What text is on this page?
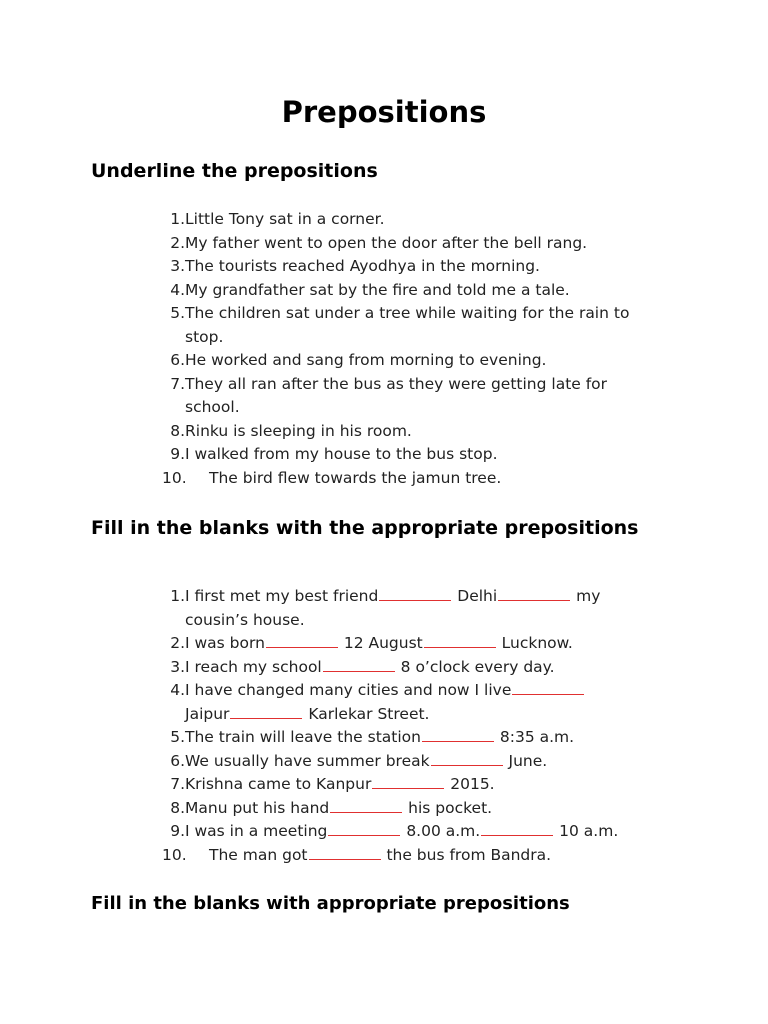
Prepositions
Underline the prepositions
1. Little Tony sat in a corner.
2. My father went to open the door after the bell rang.
3. The tourists reached Ayodhya in the morning.
4. My grandfather sat by the fire and told me a tale.
5. The children sat under a tree while waiting for the rain to stop.
6. He worked and sang from morning to evening.
7. They all ran after the bus as they were getting late for school.
8. Rinku is sleeping in his room.
9. I walked from my house to the bus stop.
10.	The bird flew towards the jamun tree.
Fill in the blanks with the appropriate prepositions
1. I first met my best friend	Delhi	my cousin’s house.
2. I was born	12 August	Lucknow.
3. I reach my school	8 o’clock every day.
4. I have changed many cities and now I live Jaipur	Karlekar Street.
5. The train will leave the station	8:35 a.m.
6. We usually have summer break	June.
7. Krishna came to Kanpur	2015.
8. Manu put his hand	his pocket.
9. I was in a meeting	8.00 a.m.	10 a.m.
10.	The man got	the bus from Bandra.
Fill in the blanks with appropriate prepositions
